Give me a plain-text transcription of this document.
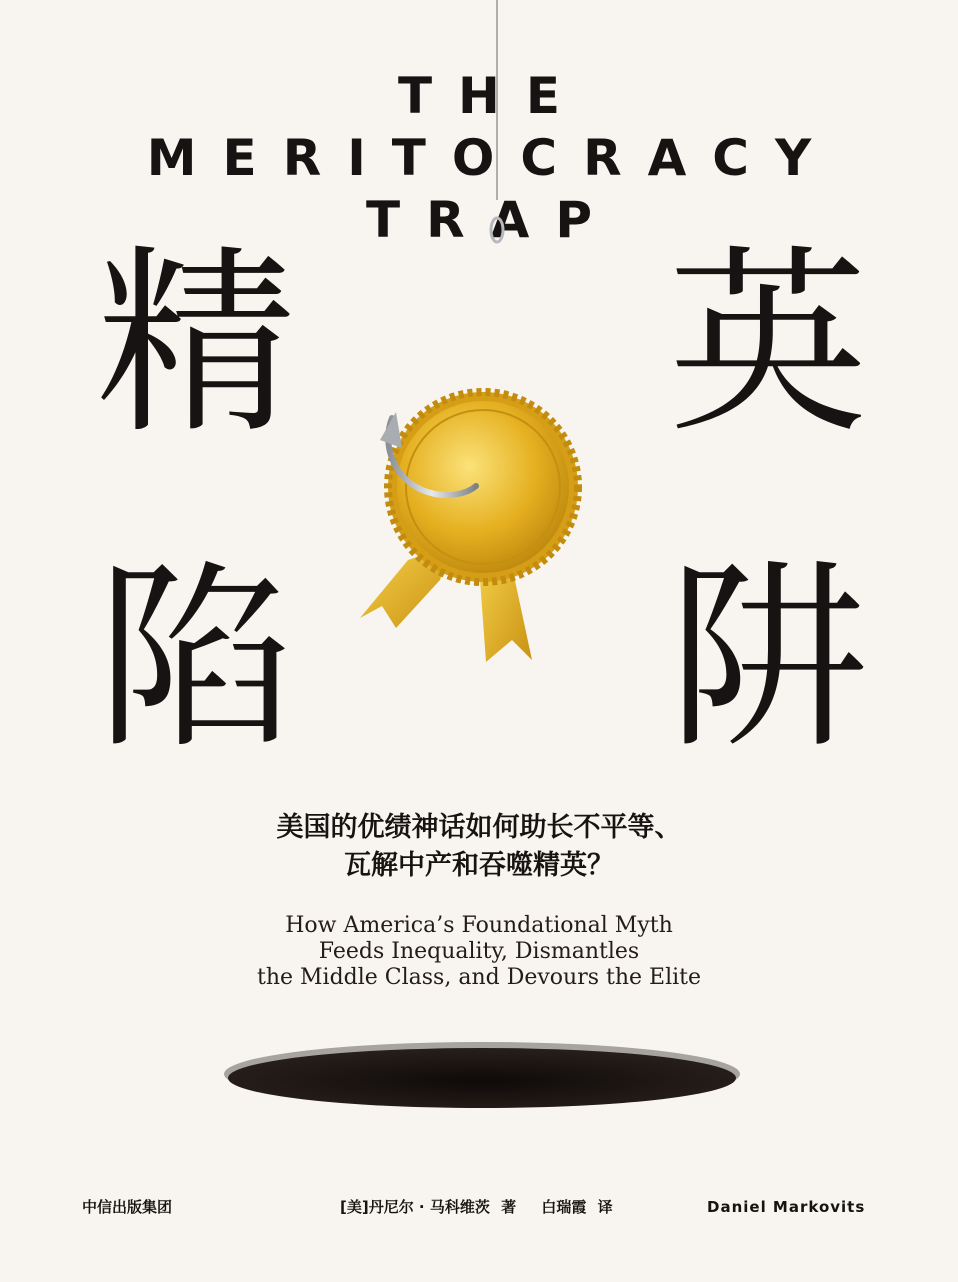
THE
MERITOCRACY
TRAP
精 英
陷 阱
美国的优绩神话如何助长不平等、
瓦解中产和吞噬精英？
How America’s Foundational Myth
Feeds Inequality, Dismantles
the Middle Class, and Devours the Elite
中信出版集团	[美]丹尼尔 · 马科维茨 著 白瑞霞 译	Daniel Markovits
